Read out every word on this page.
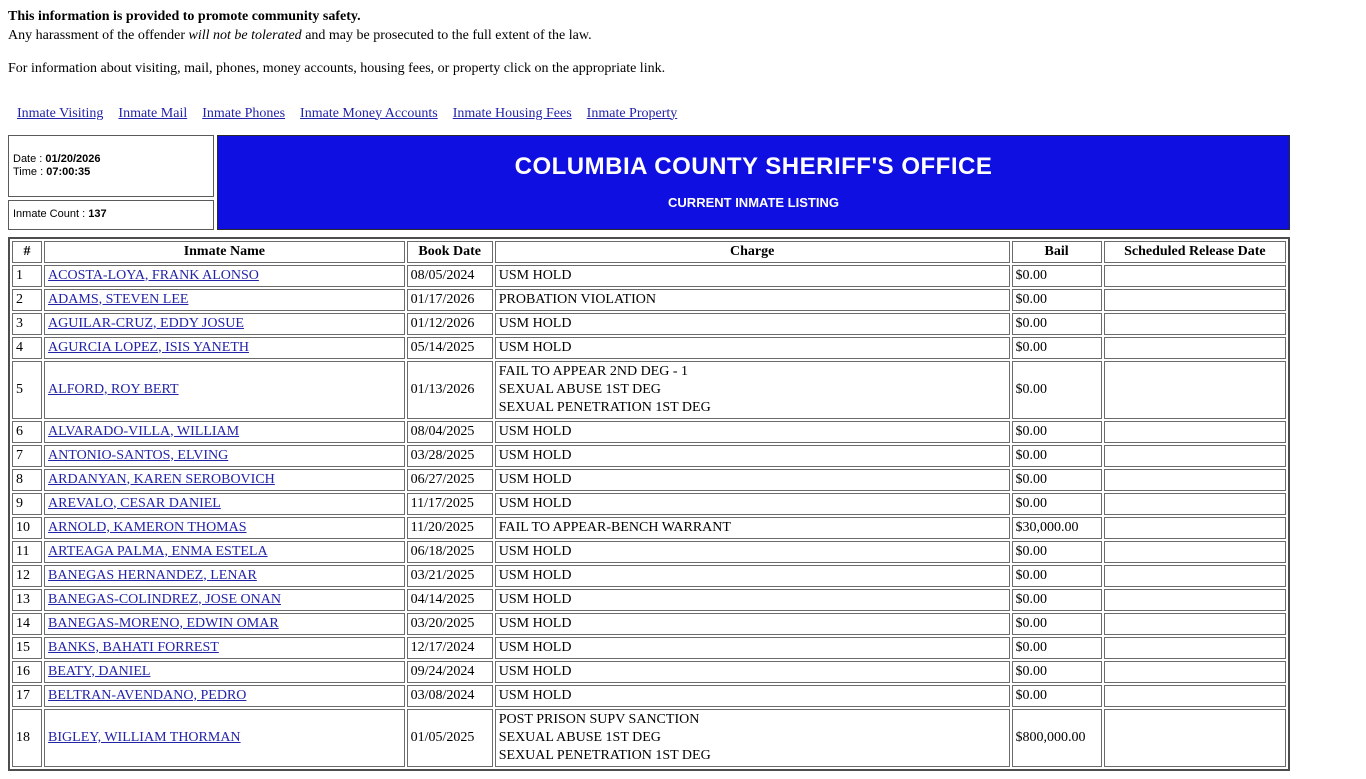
This information is provided to promote community safety.

Any harassment of the offender will not be tolerated and may be prosecuted to the full extent of the law.

For information about visiting, mail, phones, money accounts, housing fees, or property click on the appropriate link.

Inmate Visiting Inmate Mail Inmate Phones Inmate Money Accounts Inmate Housing Fees Inmate Property
Date : 01/20/2026
Time : 07:00:35
Inmate Count : 137
COLUMBIA COUNTY SHERIFF'S OFFICE
CURRENT INMATE LISTING
#	Inmate Name	Book Date	Charge	Bail	Scheduled Release Date
1	ACOSTA-LOYA, FRANK ALONSO	08/05/2024	USM HOLD	$0.00	
2	ADAMS, STEVEN LEE	01/17/2026	PROBATION VIOLATION	$0.00	
3	AGUILAR-CRUZ, EDDY JOSUE	01/12/2026	USM HOLD	$0.00	
4	AGURCIA LOPEZ, ISIS YANETH	05/14/2025	USM HOLD	$0.00	
5	ALFORD, ROY BERT	01/13/2026	FAIL TO APPEAR 2ND DEG - 1
SEXUAL ABUSE 1ST DEG
SEXUAL PENETRATION 1ST DEG	$0.00	
6	ALVARADO-VILLA, WILLIAM	08/04/2025	USM HOLD	$0.00	
7	ANTONIO-SANTOS, ELVING	03/28/2025	USM HOLD	$0.00	
8	ARDANYAN, KAREN SEROBOVICH	06/27/2025	USM HOLD	$0.00	
9	AREVALO, CESAR DANIEL	11/17/2025	USM HOLD	$0.00	
10	ARNOLD, KAMERON THOMAS	11/20/2025	FAIL TO APPEAR-BENCH WARRANT	$30,000.00	
11	ARTEAGA PALMA, ENMA ESTELA	06/18/2025	USM HOLD	$0.00	
12	BANEGAS HERNANDEZ, LENAR	03/21/2025	USM HOLD	$0.00	
13	BANEGAS-COLINDREZ, JOSE ONAN	04/14/2025	USM HOLD	$0.00	
14	BANEGAS-MORENO, EDWIN OMAR	03/20/2025	USM HOLD	$0.00	
15	BANKS, BAHATI FORREST	12/17/2024	USM HOLD	$0.00	
16	BEATY, DANIEL	09/24/2024	USM HOLD	$0.00	
17	BELTRAN-AVENDANO, PEDRO	03/08/2024	USM HOLD	$0.00	
18	BIGLEY, WILLIAM THORMAN	01/05/2025	POST PRISON SUPV SANCTION
SEXUAL ABUSE 1ST DEG
SEXUAL PENETRATION 1ST DEG	$800,000.00	
